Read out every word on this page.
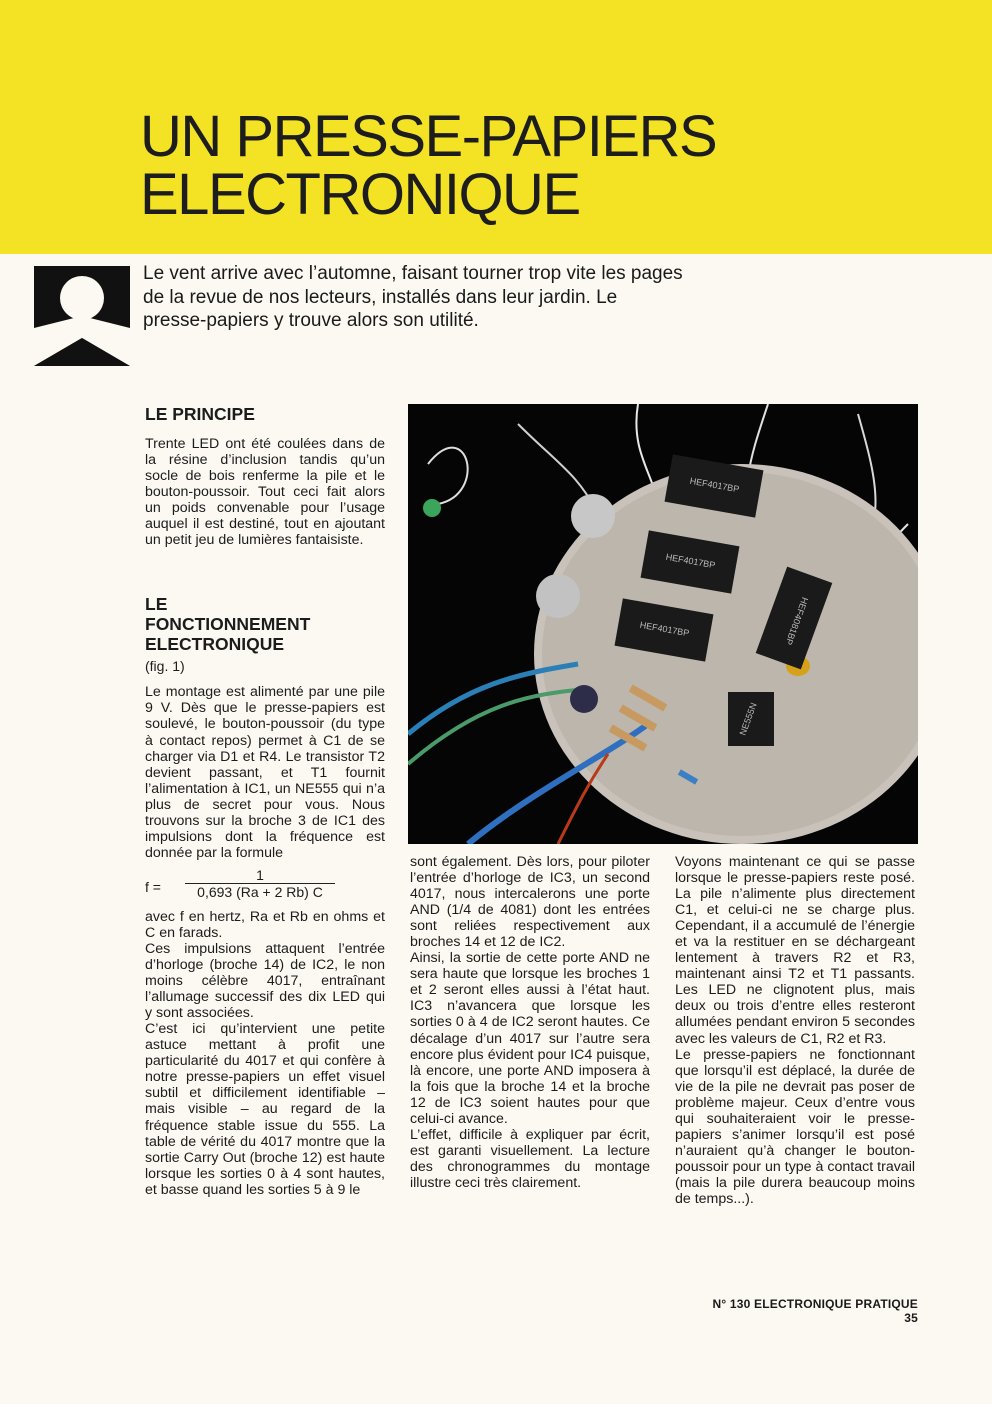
UN PRESSE-PAPIERS
ELECTRONIQUE

Le vent arrive avec l’automne, faisant tourner trop vite les pages de la revue de nos lecteurs, installés dans leur jardin. Le presse-papiers y trouve alors son utilité.

LE PRINCIPE

Trente LED ont été coulées dans de la résine d’inclusion tandis qu’un socle de bois renferme la pile et le bouton-poussoir. Tout ceci fait alors un poids convenable pour l’usage auquel il est destiné, tout en ajoutant un petit jeu de lumières fantaisiste.

LE
FONCTIONNEMENT
ELECTRONIQUE
(fig. 1)

Le montage est alimenté par une pile 9 V. Dès que le presse-papiers est soulevé, le bouton-poussoir (du type à contact repos) permet à C1 de se charger via D1 et R4. Le transistor T2 devient passant, et T1 fournit l’alimentation à IC1, un NE555 qui n’a plus de secret pour vous. Nous trouvons sur la broche 3 de IC1 des impulsions dont la fréquence est donnée par la formule

f =	$\frac{1}{0,693 (Ra + 2 Rb) C}$

avec f en hertz, Ra et Rb en ohms et C en farads.

Ces impulsions attaquent l’entrée d’horloge (broche 14) de IC2, le non moins célèbre 4017, entraînant l’allumage successif des dix LED qui y sont associées.

C’est ici qu’intervient une petite astuce mettant à profit une particularité du 4017 et qui confère à notre presse-papiers un effet visuel subtil et difficilement identifiable – mais visible – au regard de la fréquence stable issue du 555. La table de vérité du 4017 montre que la sortie Carry Out (broche 12) est haute lorsque les sorties 0 à 4 sont hautes, et basse quand les sorties 5 à 9 le

HEF4017BP
HEF4017BP
HEF4017BP	HEF4081BP
NE555N

sont également. Dès lors, pour piloter l’entrée d’horloge de IC3, un second 4017, nous intercalerons une porte AND (1/4 de 4081) dont les entrées sont reliées respectivement aux broches 14 et 12 de IC2.

Ainsi, la sortie de cette porte AND ne sera haute que lorsque les broches 1 et 2 seront elles aussi à l’état haut. IC3 n’avancera que lorsque les sorties 0 à 4 de IC2 seront hautes. Ce décalage d’un 4017 sur l’autre sera encore plus évident pour IC4 puisque, là encore, une porte AND imposera à la fois que la broche 14 et la broche 12 de IC3 soient hautes pour que celui-ci avance.

L’effet, difficile à expliquer par écrit, est garanti visuellement. La lecture des chronogrammes du montage illustre ceci très clairement.

Voyons maintenant ce qui se passe lorsque le presse-papiers reste posé. La pile n’alimente plus directement C1, et celui-ci ne se charge plus. Cependant, il a accumulé de l’énergie et va la restituer en se déchargeant lentement à travers R2 et R3, maintenant ainsi T2 et T1 passants. Les LED ne clignotent plus, mais deux ou trois d’entre elles resteront allumées pendant environ 5 secondes avec les valeurs de C1, R2 et R3.

Le presse-papiers ne fonctionnant que lorsqu’il est déplacé, la durée de vie de la pile ne devrait pas poser de problème majeur. Ceux d’entre vous qui souhaiteraient voir le presse-papiers s’animer lorsqu’il est posé n’auraient qu’à changer le bouton-poussoir pour un type à contact travail (mais la pile durera beaucoup moins de temps...).

N° 130 ELECTRONIQUE PRATIQUE 35
